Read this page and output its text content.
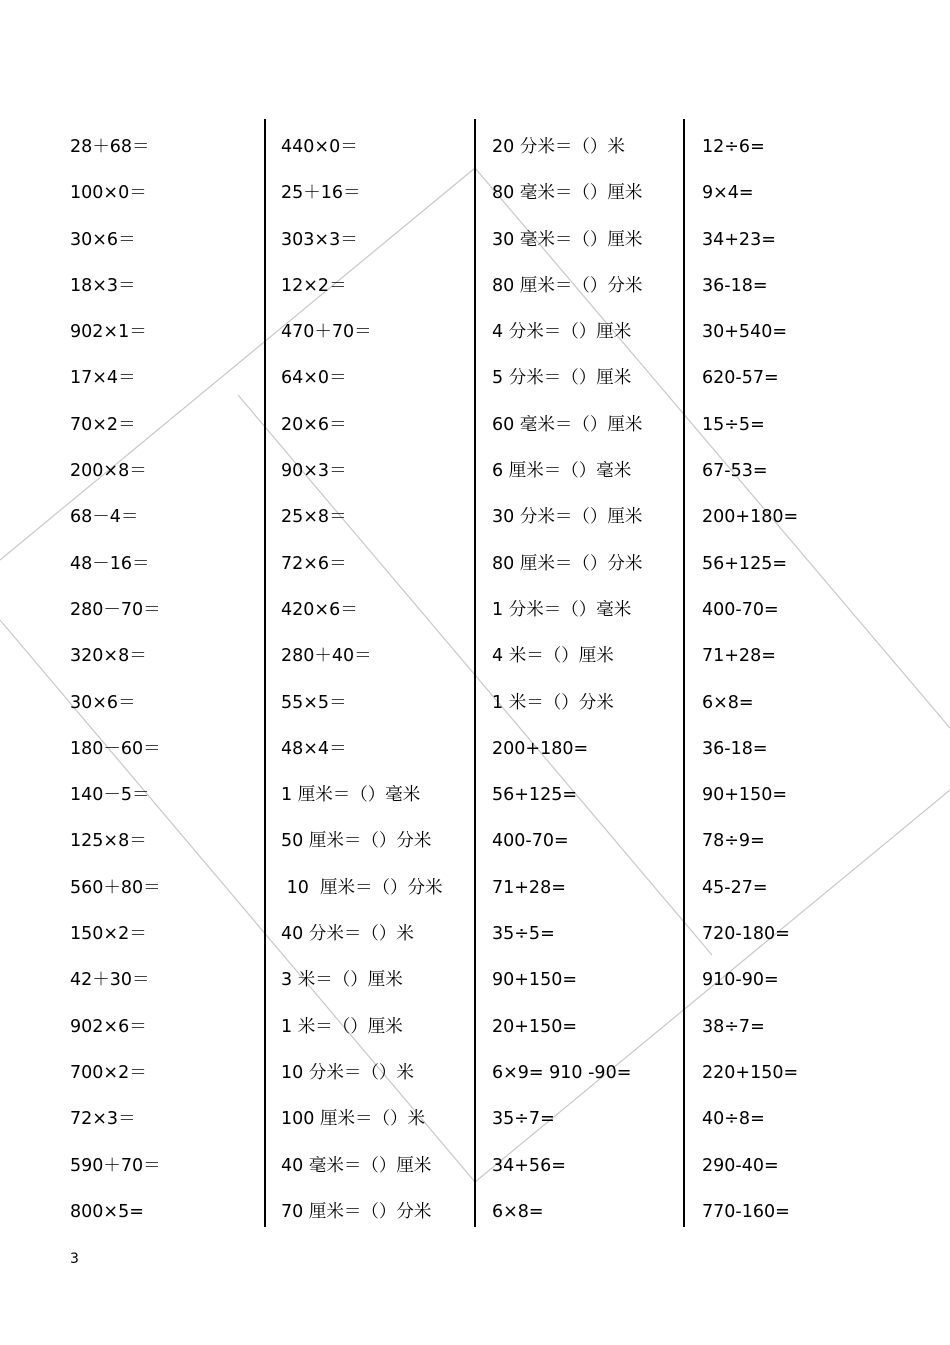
28＋68＝
100×0＝
30×6＝
18×3＝
902×1＝
17×4＝
70×2＝
200×8＝
68－4＝
48－16＝
280－70＝
320×8＝
30×6＝
180－60＝
140－5＝
125×8＝
560＋80＝
150×2＝
42＋30＝
902×6＝
700×2＝
72×3＝
590＋70＝
800×5=
440×0＝
25＋16＝
303×3＝
12×2＝
470＋70＝
64×0＝
20×6＝
90×3＝
25×8＝
72×6＝
420×6＝
280＋40＝
55×5＝
48×4＝
1 厘米＝（）毫米
50 厘米＝（）分米
10  厘米＝（）分米
40 分米＝（）米
3 米＝（）厘米
1 米＝（）厘米
10 分米＝（）米
100 厘米＝（）米
40 毫米＝（）厘米
70 厘米＝（）分米
20 分米＝（）米
80 毫米＝（）厘米
30 毫米＝（）厘米
80 厘米＝（）分米
4 分米＝（）厘米
5 分米＝（）厘米
60 毫米＝（）厘米
6 厘米＝（）毫米
30 分米＝（）厘米
80 厘米＝（）分米
1 分米＝（）毫米
4 米＝（）厘米
1 米＝（）分米
200+180=
56+125=
400-70=
71+28=
35÷5=
90+150=
20+150=
6×9= 910 -90=
35÷7=
34+56=
6×8=
12÷6=
9×4=
34+23=
36-18=
30+540=
620-57=
15÷5=
67-53=
200+180=
56+125=
400-70=
71+28=
6×8=
36-18=
90+150=
78÷9=
45-27=
720-180=
910-90=
38÷7=
220+150=
40÷8=
290-40=
770-160=
3
